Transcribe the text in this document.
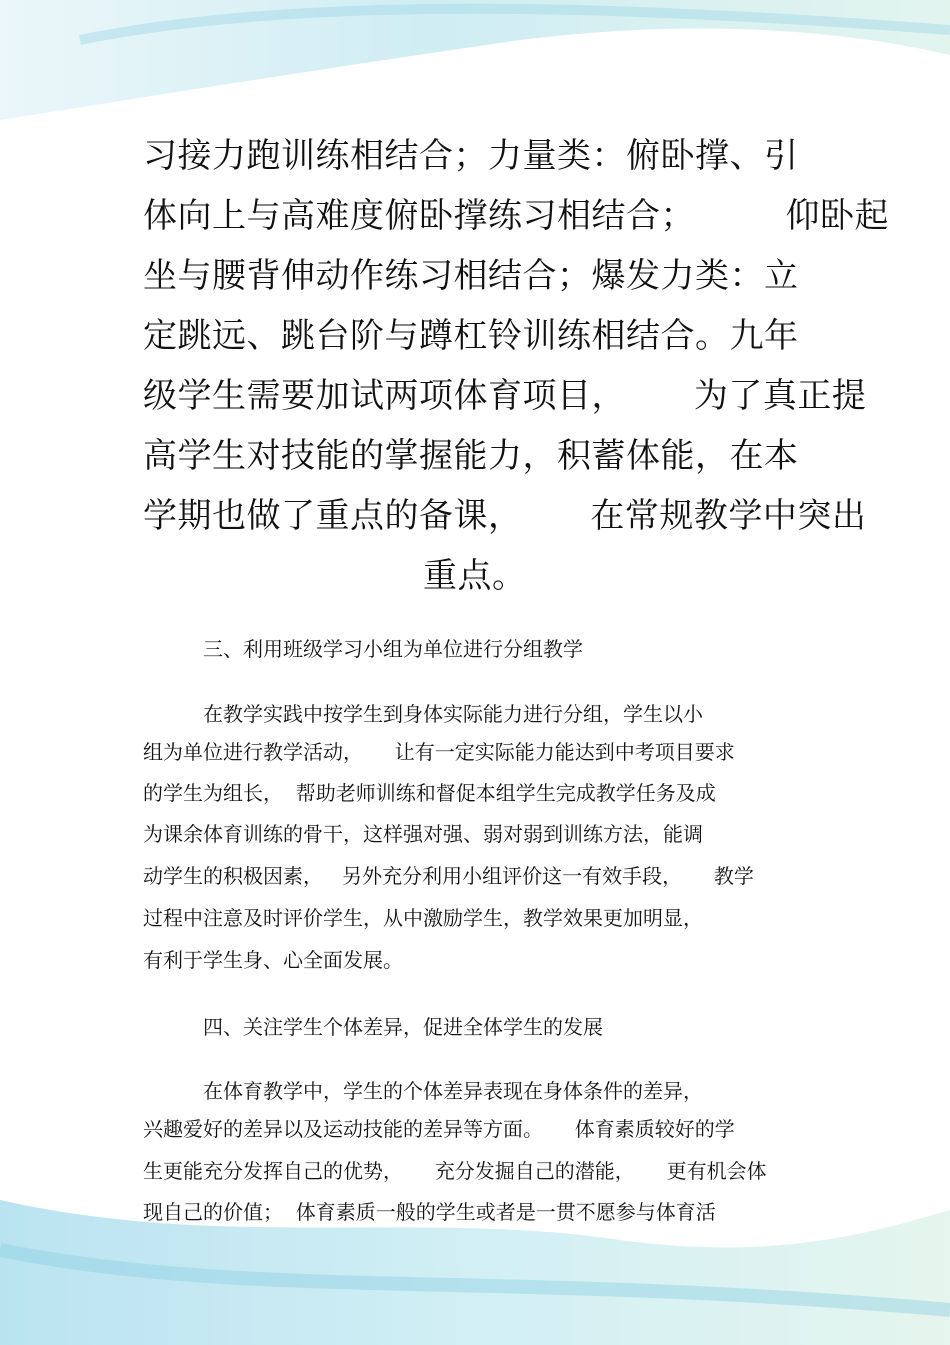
习接力跑训练相结合；力量类：俯卧撑、引
体向上与高难度俯卧撑练习相结合；        仰卧起
坐与腰背伸动作练习相结合；爆发力类：立
定跳远、跳台阶与蹲杠铃训练相结合。九年
级学生需要加试两项体育项目，      为了真正提
高学生对技能的掌握能力，积蓄体能，在本
学期也做了重点的备课，      在常规教学中突出
重点。
三、利用班级学习小组为单位进行分组教学
在教学实践中按学生到身体实际能力进行分组，学生以小
组为单位进行教学活动，     让有一定实际能力能达到中考项目要求
的学生为组长，  帮助老师训练和督促本组学生完成教学任务及成
为课余体育训练的骨干，这样强对强、弱对弱到训练方法，能调
动学生的积极因素，   另外充分利用小组评价这一有效手段，     教学
过程中注意及时评价学生，从中激励学生，教学效果更加明显，
有利于学生身、心全面发展。
四、关注学生个体差异，促进全体学生的发展
在体育教学中，学生的个体差异表现在身体条件的差异，
兴趣爱好的差异以及运动技能的差异等方面。     体育素质较好的学
生更能充分发挥自己的优势，     充分发掘自己的潜能，     更有机会体
现自己的价值；  体育素质一般的学生或者是一贯不愿参与体育活
